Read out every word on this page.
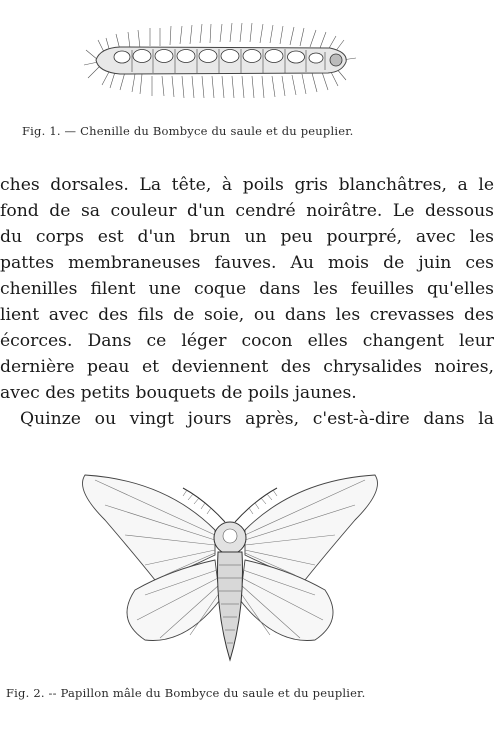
Fig. 1. — Chenille du Bombyce du saule et du peuplier.
ches dorsales. La tête, à poils gris blanchâtres, a le
fond de sa couleur d'un cendré noirâtre. Le dessous
du corps est d'un brun un peu pourpré, avec les
pattes membraneuses fauves. Au mois de juin ces
chenilles filent une coque dans les feuilles qu'elles
lient avec des fils de soie, ou dans les crevasses des
écorces. Dans ce léger cocon elles changent leur
dernière peau et deviennent des chrysalides noires,
avec des petits bouquets de poils jaunes.
Quinze ou vingt jours après, c'est-à-dire dans la
Fig. 2. -- Papillon mâle du Bombyce du saule et du peuplier.
